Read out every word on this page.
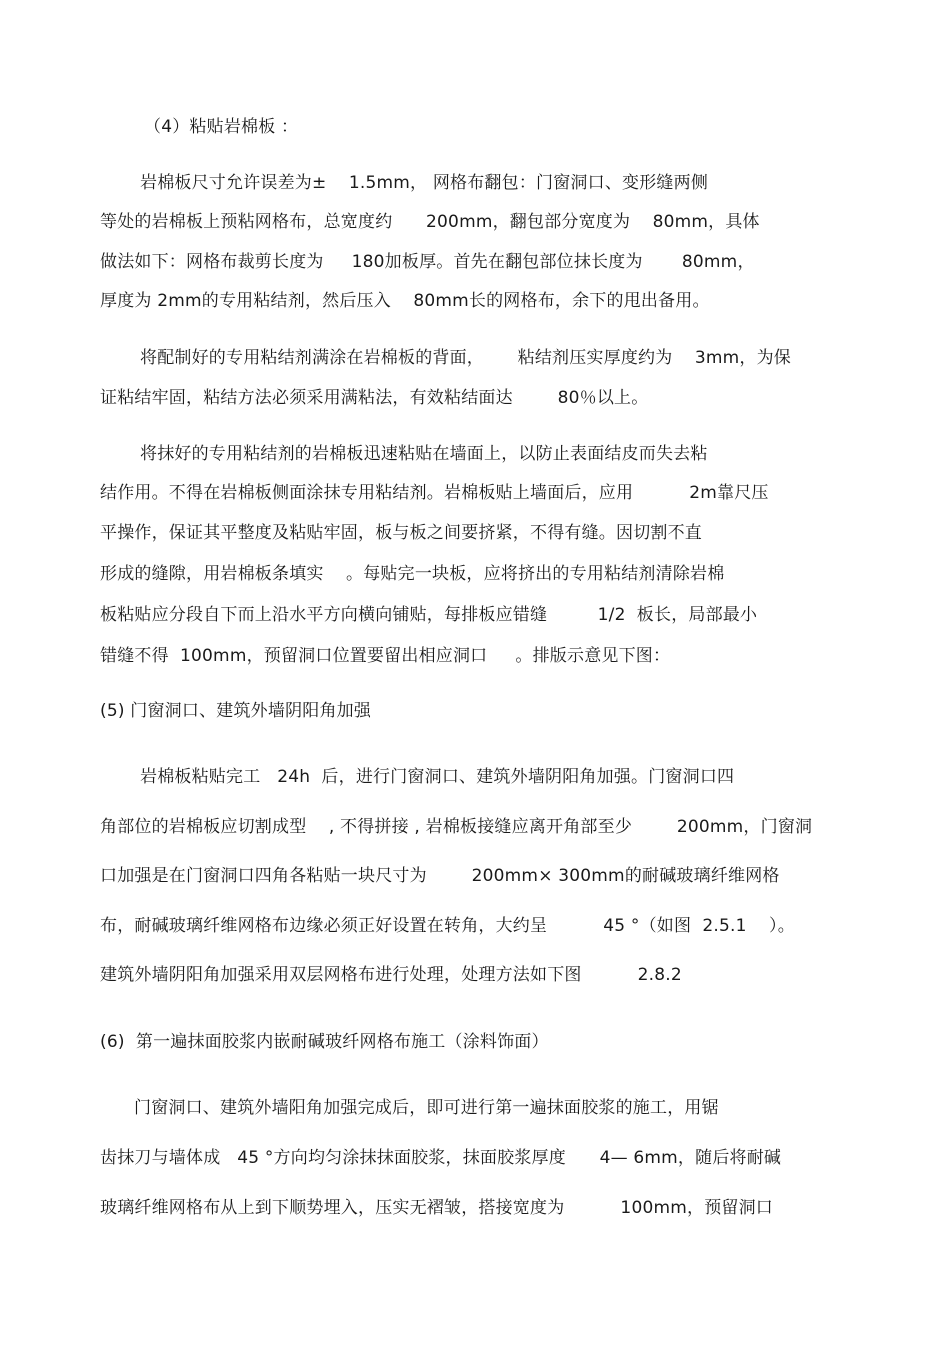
（4）粘贴岩棉板 ：
岩棉板尺寸允许误差为±    1.5mm， 网格布翻包：门窗洞口、变形缝两侧
等处的岩棉板上预粘网格布，总宽度约      200mm，翻包部分宽度为    80mm，具体
做法如下：网格布裁剪长度为     180加板厚。首先在翻包部位抹长度为       80mm，
厚度为 2mm的专用粘结剂，然后压入    80mm长的网格布，余下的甩出备用。
将配制好的专用粘结剂满涂在岩棉板的背面，      粘结剂压实厚度约为    3mm，为保
证粘结牢固，粘结方法必须采用满粘法，有效粘结面达        80％以上。
将抹好的专用粘结剂的岩棉板迅速粘贴在墙面上，以防止表面结皮而失去粘
结作用。不得在岩棉板侧面涂抹专用粘结剂。岩棉板贴上墙面后，应用          2m靠尺压
平操作，保证其平整度及粘贴牢固，板与板之间要挤紧，不得有缝。因切割不直
形成的缝隙，用岩棉板条填实    。每贴完一块板，应将挤出的专用粘结剂清除岩棉
板粘贴应分段自下而上沿水平方向横向铺贴，每排板应错缝         1/2  板长，局部最小
错缝不得  100mm，预留洞口位置要留出相应洞口     。排版示意见下图：
(5) 门窗洞口、建筑外墙阴阳角加强
岩棉板粘贴完工   24h  后，进行门窗洞口、建筑外墙阴阳角加强。门窗洞口四
角部位的岩棉板应切割成型    , 不得拼接 , 岩棉板接缝应离开角部至少        200mm，门窗洞
口加强是在门窗洞口四角各粘贴一块尺寸为        200mm× 300mm的耐碱玻璃纤维网格
布，耐碱玻璃纤维网格布边缘必须正好设置在转角，大约呈          45 °（如图  2.5.1    ）。
建筑外墙阴阳角加强采用双层网格布进行处理，处理方法如下图          2.8.2
(6)  第一遍抹面胶浆内嵌耐碱玻纤网格布施工（涂料饰面）
门窗洞口、建筑外墙阳角加强完成后，即可进行第一遍抹面胶浆的施工，用锯
齿抹刀与墙体成   45 °方向均匀涂抹抹面胶浆，抹面胶浆厚度      4— 6mm，随后将耐碱
玻璃纤维网格布从上到下顺势埋入，压实无褶皱，搭接宽度为          100mm，预留洞口
